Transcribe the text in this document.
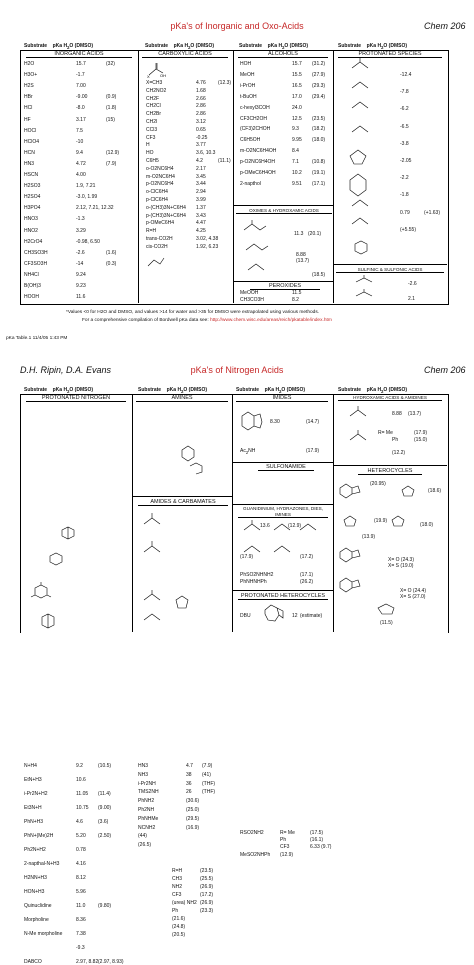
pKa's of Inorganic and Oxo-Acids	Chem 206
Substrate pKa $H_2O$ (DMSO)	Substrate pKa $H_2O$ (DMSO)	Substrate pKa $H_2O$ (DMSO)	Substrate pKa $H_2O$ (DMSO)
INORGANIC ACIDS	CARBOXYLIC ACIDS	ALCOHOLS	PROTONATED SPECIES
H2O	15.7	(32)
H3O+	-1.7
H2S	7.00
HBr	-9.00	(0.9)
HCl	-8.0	(1.8)
HF	3.17	(15)
HOCl	7.5
HClO4	-10
HCN	9.4	(12.9)
HN3	4.72	(7.9)
HSCN	4.00
H2SO3	1.9, 7.21
H2SO4	-3.0, 1.99
H3PO4	2.12, 7.21, 12.32
HNO3	-1.3
HNO2	3.29
H2CrO4	-0.98, 6.50
CH3SO3H	-2.6	(1.6)
CF3SO3H	-14	(0.3)
NH4Cl	9.24
B(OH)3	9.23
HOOH	11.6
X=CH3	4.76 (12.3)
CH2NO2	1.68
CH2F	2.66
CH2Cl	2.86
CH2Br	2.86
CH2I	3.12
CCl3	0.65
CF3	-0.25
H	3.77
HO	3.6, 10.3
C6H5	4.2	(11.1)
o-O2NC6H4	2.17
m-O2NC6H4	3.45
p-O2NC6H4	3.44
o-ClC6H4	2.94
p-ClC6H4	3.99
o-(CH3)3N+C6H4 1.37
p-(CH3)3N+C6H4 3.43
p-OMeC6H4	4.47
R=H	4.25
trans-CO2H	3.02, 4.38
cis-CO2H	1.92, 6.23
HOH	15.7 (31.2)
MeOH	15.5 (27.9)
i-PrOH	16.5 (29.3)
t-BuOH	17.0 (29.4)
c-hexyl3COH	24.0
CF3CH2OH	12.5 (23.5)
(CF3)2CHOH	9.3	(18.2)
C6H5OH	9.95 (18.0)
m-O2NC6H4OH	8.4
p-O2NC6H4OH	7.1	(10.8)
p-OMeC6H4OH	10.2 (19.1)
2-napthol	9.51 (17.1)
-12.4
-7.8
-6.2
-6.5
-3.8
-2.05
-2.2
-1.8
0.79	(+1.63)
(+5.55)
OH
X
OXIMES & HYDROXAMIC ACIDS
11.3 (20.1)
8.88
(13.7)
(18.5)
PEROXIDES
MeOOH	11.5
CH3CO3H	8.2
SULFINIC & SULFONIC ACIDS
-2.6
2.1
*Values <0 for H2O and DMSO, and values >14 for water and >35 for DMSO were extrapolated using various methods.
For a comprehensive compilation of Bordwell pKa data see: http://www.chem.wisc.edu/areas/reich/pkatable/index.htm
pKa Table.1 11/4/05 1:43 PM
D.H. Ripin, D.A. Evans	pKa's of Nitrogen Acids	Chem 206
Substrate pKa $H_2O$ (DMSO)	Substrate pKa $H_2O$ (DMSO)	Substrate pKa $H_2O$ (DMSO)	Substrate pKa $H_2O$ (DMSO)
PROTONATED NITROGEN	AMINES	IMIDES	HYDROXAMIC ACIDS & AMIDINES
N+H4	9.2	(10.5)
EtN+H3	10.6
i-Pr2N+H2	11.05 (11.4)
Et3N+H	10.75 (9.00)
PhN+H3	4.6	(3.6)
PhN+(Me)2H	5.20 (2.50)
Ph2N+H2	0.78
2-napthal-N+H3	4.16
H2NN+H3	8.12
HON+H3	5.96
Quinuclidine	11.0	(9.80)
Morpholine	8.36
N-Me morpholine	7.38
-9.3
DABCO	2.97, 8.82 (2.97, 8.93)
HN3	4.7 (7.9)
NH3	38 (41)
i-Pr2NH	36 (THF)
TMS2NH	26 (THF)
PhNH2	(30.6)
Ph2NH	(25.0)
PhNHMe	(29.5)
NCNH2	(16.9)
(44)
(26.5)
AMIDES & CARBAMATES
R=H	(23.5)
CH3	(25.5)
NH2	(26.9)
CF3	(17.2)
(urea) NH2 (26.9)
Ph	(23.3)
(21.6)
(24.8)
(20.5)
8.30	(14.7)
$Ac_2NH$	(17.9)
SULFONAMIDE
RSO2NH2	R= Me	(17.5)
Ph	(16.1)
CF3	6.33 (9.7)
MeSO2NHPh (12.9)
GUANIDINIUM, HYDRAZONES, DIES, IMINES
13.6	(12.9)
(17.9)	(17.2)
PhSO2NHNH2	(17.1)
PhNHNHPh	(26.2)
PROTONATED HETEROCYCLES
DBU	12 (estimate)
8.88 (13.7)
R= Me	(17.9)
Ph	(15.0)
(12.2)
HETEROCYCLES
(20.95)
(18.6)
(19.9)
(18.0)
(13.9)
X= O (24.3)
X= S (19.0)
X= O (24.4)
X= S (27.0)
(11.5)
